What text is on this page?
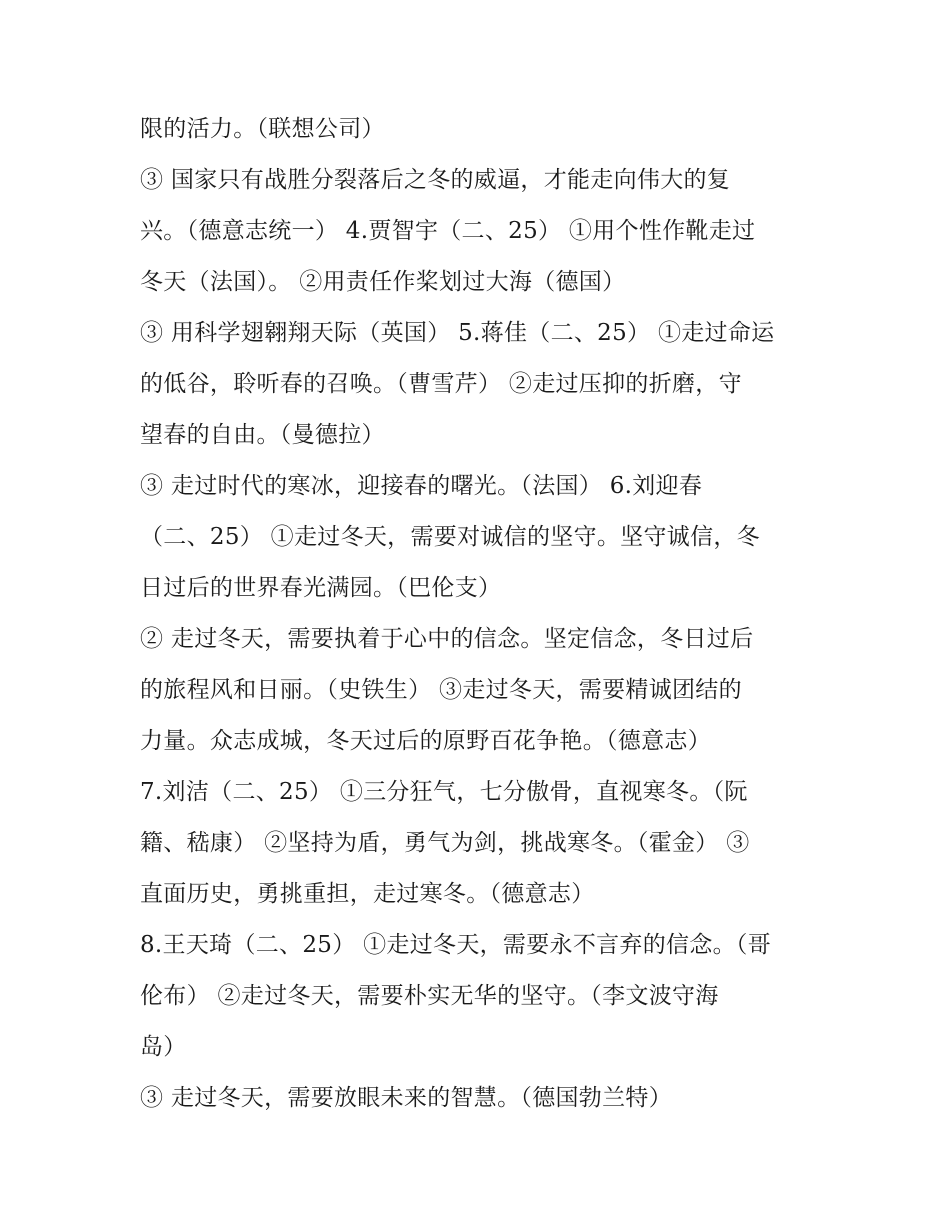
限的活力。（联想公司）
③ 国家只有战胜分裂落后之冬的威逼，才能走向伟大的复
兴。（德意志统一） 4.贾智宇（二、25） ①用个性作靴走过
冬天（法国）。 ②用责任作桨划过大海（德国）
③ 用科学翅翱翔天际（英国） 5.蒋佳（二、25） ①走过命运
的低谷，聆听春的召唤。（曹雪芹） ②走过压抑的折磨，守
望春的自由。（曼德拉）
③ 走过时代的寒冰，迎接春的曙光。（法国） 6.刘迎春
（二、25） ①走过冬天，需要对诚信的坚守。坚守诚信，冬
日过后的世界春光满园。（巴伦支）
② 走过冬天，需要执着于心中的信念。坚定信念，冬日过后
的旅程风和日丽。（史铁生） ③走过冬天，需要精诚团结的
力量。众志成城，冬天过后的原野百花争艳。（德意志）
7.刘洁（二、25） ①三分狂气，七分傲骨，直视寒冬。（阮
籍、嵇康） ②坚持为盾，勇气为剑，挑战寒冬。（霍金） ③
直面历史，勇挑重担，走过寒冬。（德意志）
8.王天琦（二、25） ①走过冬天，需要永不言弃的信念。（哥
伦布） ②走过冬天，需要朴实无华的坚守。（李文波守海
岛）
③ 走过冬天，需要放眼未来的智慧。（德国勃兰特）
